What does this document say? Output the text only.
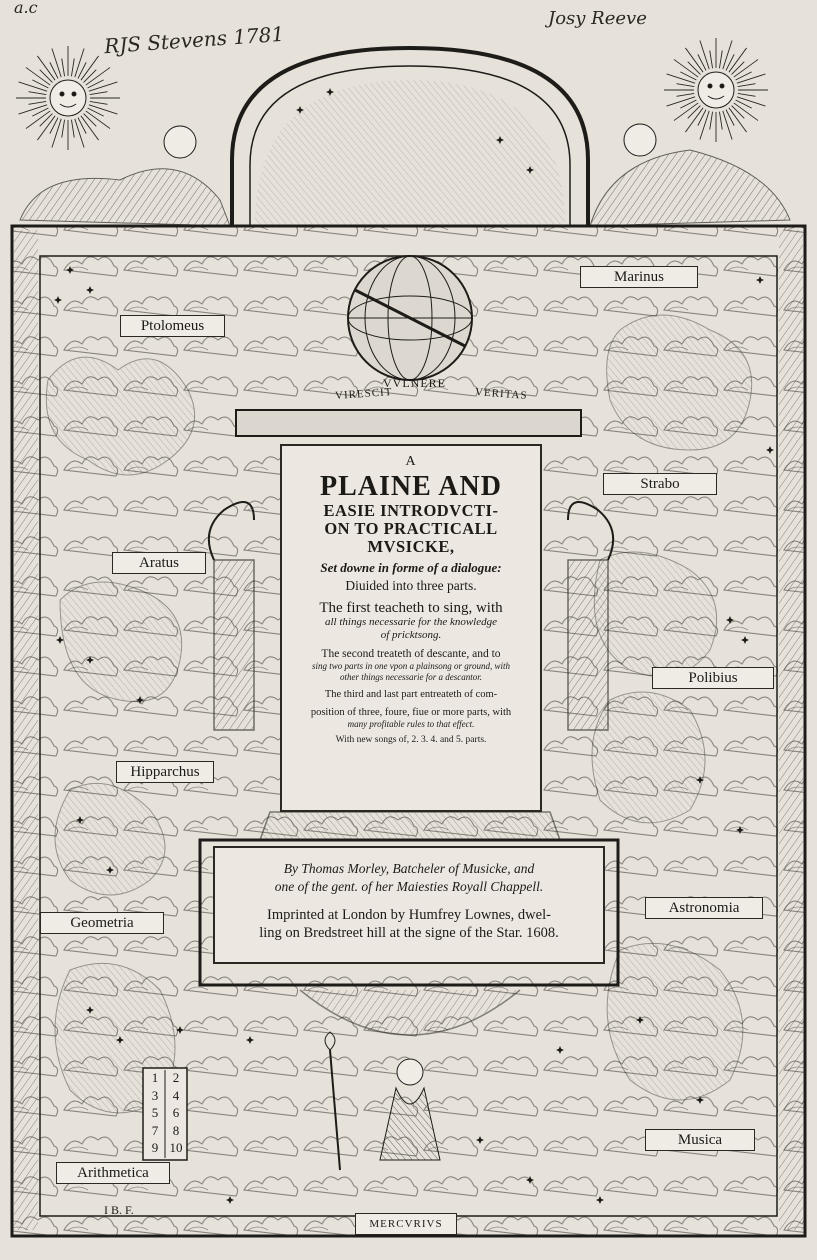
a.c
RJS Stevens 1781
Josy Reeve
VIRESCIT
VVLNERE
VERITAS
Ptolomeus
Marinus
Strabo
Aratus
Polibius
Hipparchus
Geometria
Astronomia
Arithmetica
Musica
MERCVRIVS
1
3
5
7
9
2
4
6
8
10
I B. F.
A
PLAINE AND
EASIE INTRODVCTI-
ON TO PRACTICALL
MVSICKE,
Set downe in forme of a dialogue:
Diuided into three parts.
The first teacheth to sing, with
all things necessarie for the knowledge
of pricktsong.
The second treateth of descante, and to
sing two parts in one vpon a plainsong or ground, with
other things necessarie for a descantor.
The third and last part entreateth of com-
position of three, foure, fiue or more parts, with
many profitable rules to that effect.
With new songs of, 2. 3. 4. and 5. parts.
By Thomas Morley, Batcheler of Musicke, and
one of the gent. of her Maiesties Royall Chappell.
Imprinted at London by Humfrey Lownes, dwel-
ling on Bredstreet hill at the signe of the Star. 1608.
